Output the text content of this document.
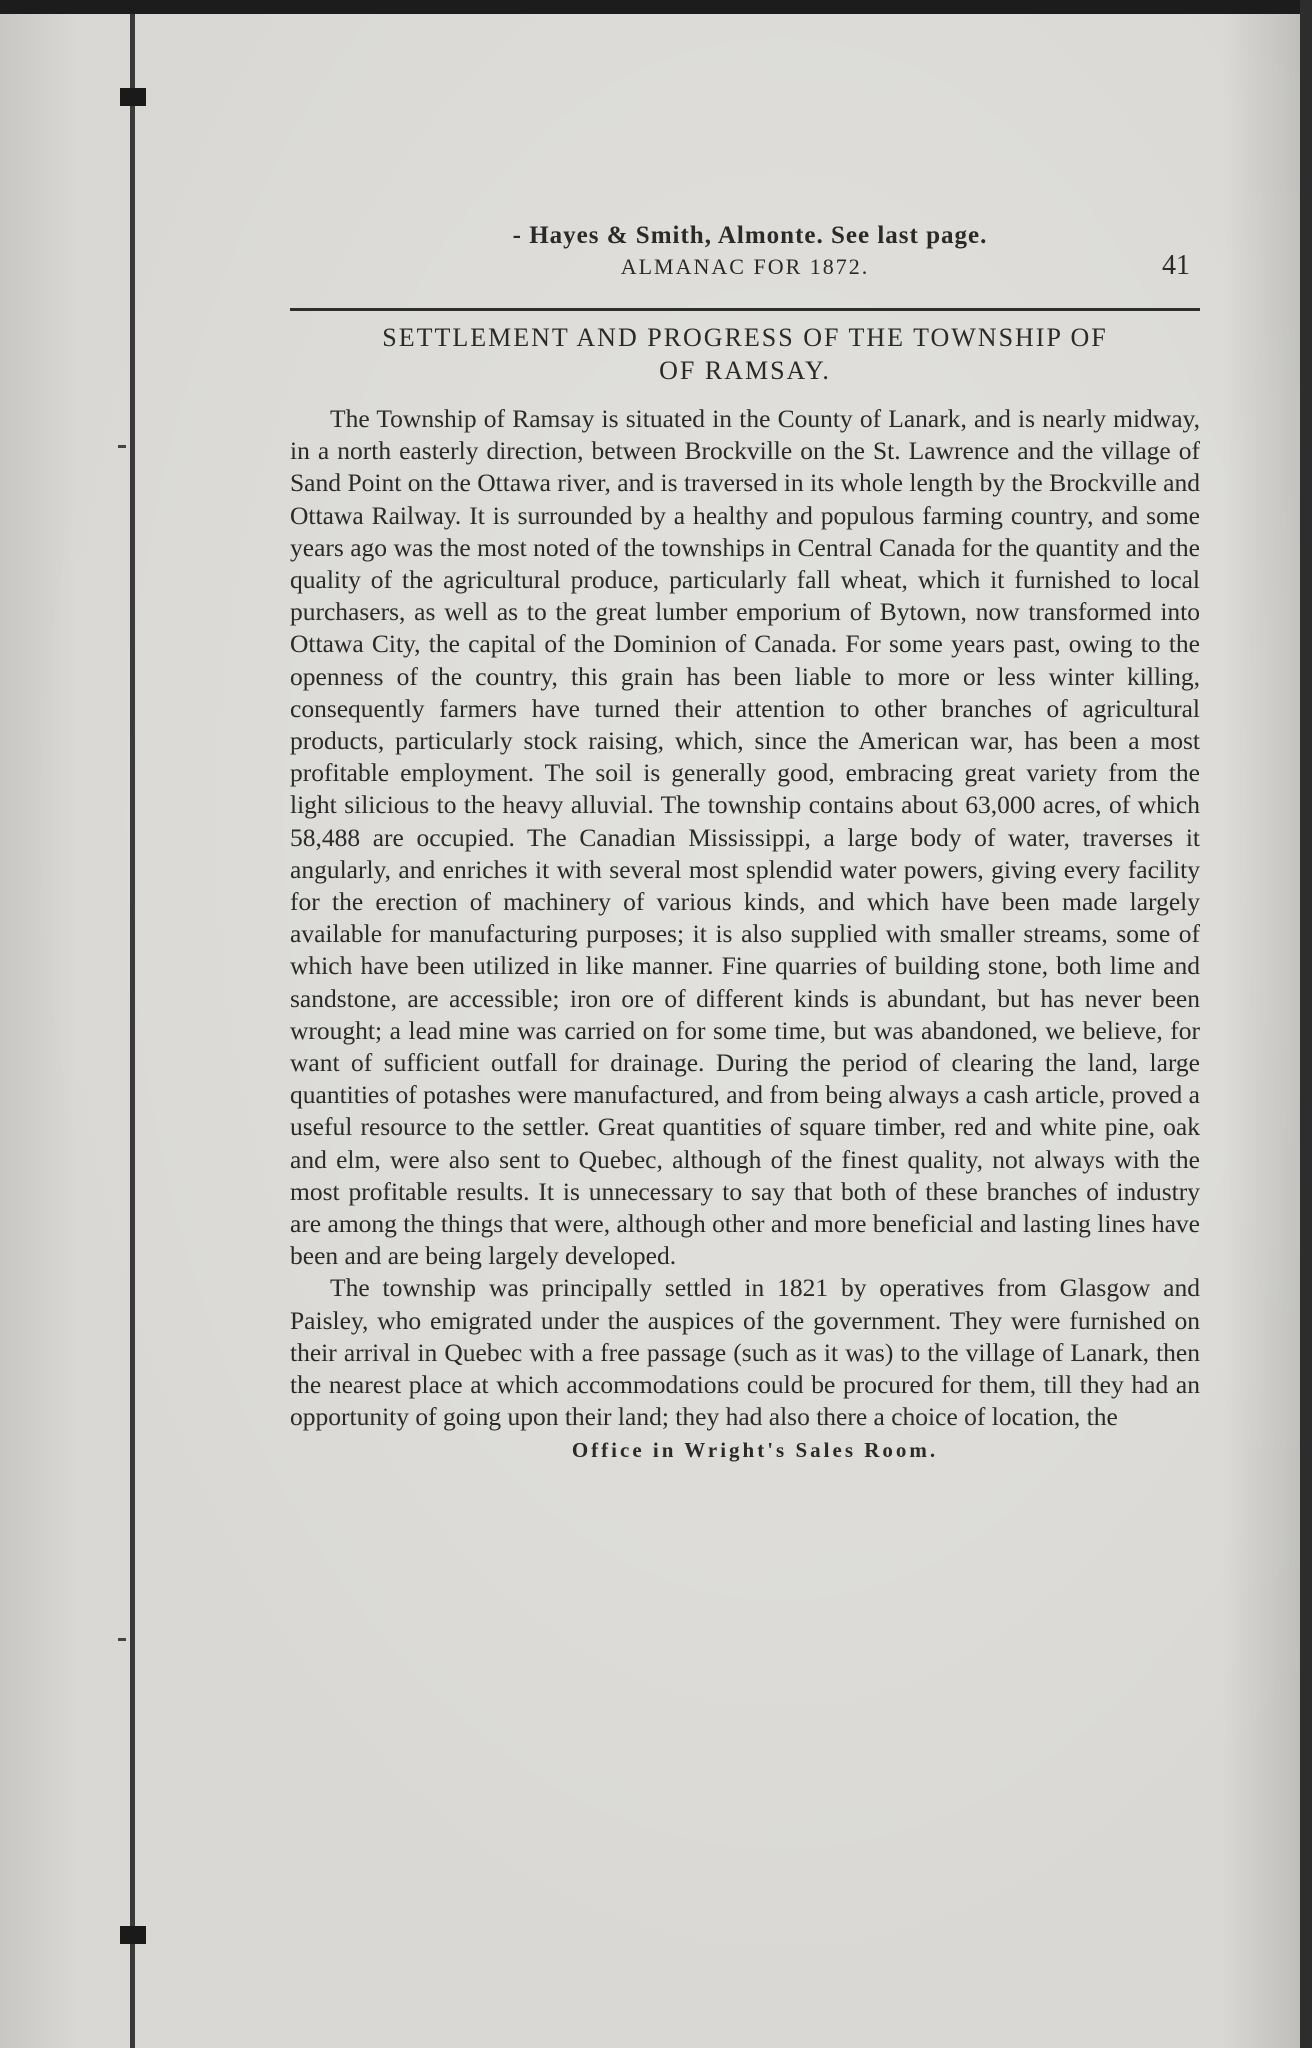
- Hayes & Smith, Almonte. See last page.
ALMANAC FOR 1872.	41
SETTLEMENT AND PROGRESS OF THE TOWNSHIP OF
OF RAMSAY.

The Township of Ramsay is situated in the County of Lanark, and is nearly midway, in a north easterly direction, between Brockville on the St. Lawrence and the village of Sand Point on the Ottawa river, and is traversed in its whole length by the Brockville and Ottawa Railway. It is surrounded by a healthy and populous farming country, and some years ago was the most noted of the townships in Central Canada for the quantity and the quality of the agricultural produce, particularly fall wheat, which it furnished to local purchasers, as well as to the great lumber emporium of Bytown, now transformed into Ottawa City, the capital of the Dominion of Canada. For some years past, owing to the openness of the country, this grain has been liable to more or less winter killing, consequently farmers have turned their attention to other branches of agricultural products, particularly stock raising, which, since the American war, has been a most profitable employment. The soil is generally good, embracing great variety from the light silicious to the heavy alluvial. The township contains about 63,000 acres, of which 58,488 are occupied. The Canadian Mississippi, a large body of water, traverses it angularly, and enriches it with several most splendid water powers, giving every facility for the erection of machinery of various kinds, and which have been made largely available for manufacturing purposes; it is also supplied with smaller streams, some of which have been utilized in like manner. Fine quarries of building stone, both lime and sandstone, are accessible; iron ore of different kinds is abundant, but has never been wrought; a lead mine was carried on for some time, but was abandoned, we believe, for want of sufficient outfall for drainage. During the period of clearing the land, large quantities of potashes were manufactured, and from being always a cash article, proved a useful resource to the settler. Great quantities of square timber, red and white pine, oak and elm, were also sent to Quebec, although of the finest quality, not always with the most profitable results. It is unnecessary to say that both of these branches of industry are among the things that were, although other and more beneficial and lasting lines have been and are being largely developed.

The township was principally settled in 1821 by operatives from Glasgow and Paisley, who emigrated under the auspices of the government. They were furnished on their arrival in Quebec with a free passage (such as it was) to the village of Lanark, then the nearest place at which accommodations could be procured for them, till they had an opportunity of going upon their land; they had also there a choice of location, the

Office in Wright's Sales Room.
